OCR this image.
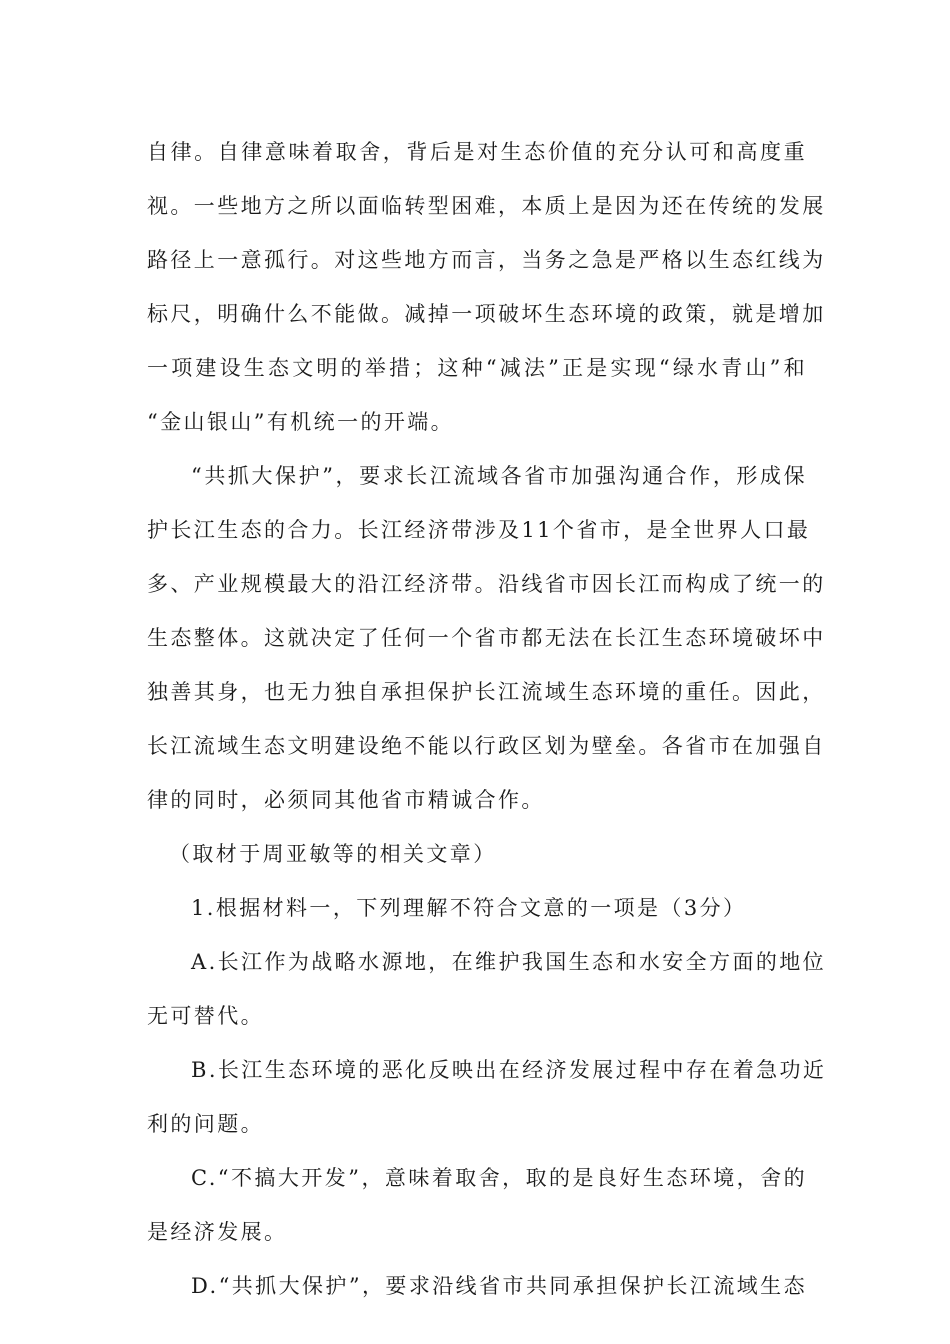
自律。自律意味着取舍，背后是对生态价值的充分认可和高度重
视。一些地方之所以面临转型困难，本质上是因为还在传统的发展
路径上一意孤行。对这些地方而言，当务之急是严格以生态红线为
标尺，明确什么不能做。减掉一项破坏生态环境的政策，就是增加
一项建设生态文明的举措；这种“减法”正是实现“绿水青山”和
“金山银山”有机统一的开端。
“共抓大保护”，要求长江流域各省市加强沟通合作，形成保
护长江生态的合力。长江经济带涉及11个省市，是全世界人口最
多、产业规模最大的沿江经济带。沿线省市因长江而构成了统一的
生态整体。这就决定了任何一个省市都无法在长江生态环境破坏中
独善其身，也无力独自承担保护长江流域生态环境的重任。因此，
长江流域生态文明建设绝不能以行政区划为壁垒。各省市在加强自
律的同时，必须同其他省市精诚合作。
（取材于周亚敏等的相关文章）
1.根据材料一，下列理解不符合文意的一项是（3分）
A.长江作为战略水源地，在维护我国生态和水安全方面的地位
无可替代。
B.长江生态环境的恶化反映出在经济发展过程中存在着急功近
利的问题。
C.“不搞大开发”，意味着取舍，取的是良好生态环境，舍的
是经济发展。
D.“共抓大保护”，要求沿线省市共同承担保护长江流域生态
